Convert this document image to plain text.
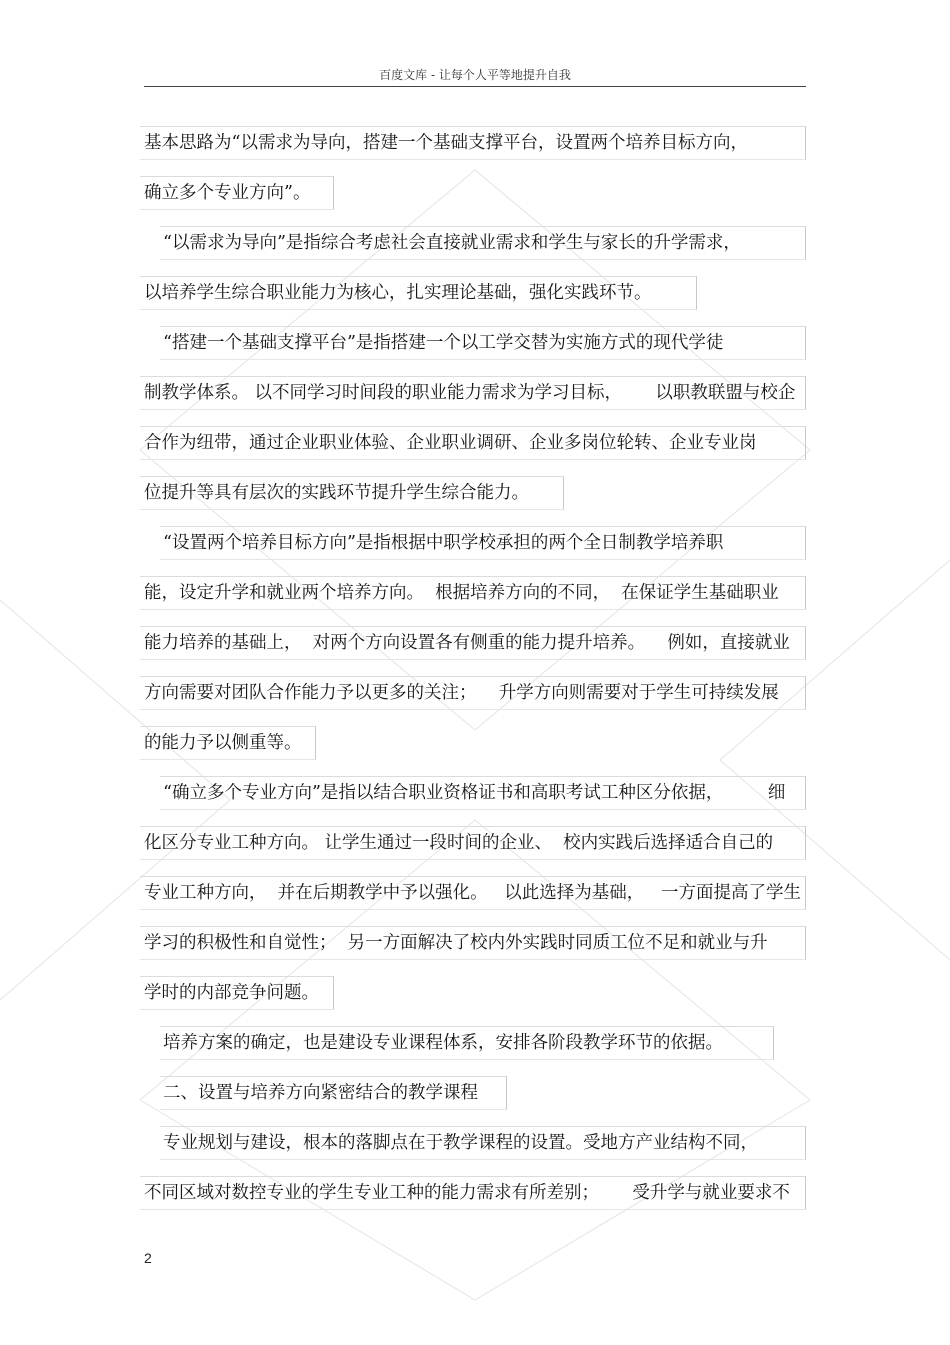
百度文库 - 让每个人平等地提升自我
基本思路为“以需求为导向，搭建一个基础支撑平台，设置两个培养目标方向，
确立多个专业方向”。
“以需求为导向”是指综合考虑社会直接就业需求和学生与家长的升学需求，
以培养学生综合职业能力为核心，扎实理论基础，强化实践环节。
“搭建一个基础支撑平台”是指搭建一个以工学交替为实施方式的现代学徒
制教学体系。 以不同学习时间段的职业能力需求为学习目标，      以职教联盟与校企
合作为纽带，通过企业职业体验、企业职业调研、企业多岗位轮转、企业专业岗
位提升等具有层次的实践环节提升学生综合能力。
“设置两个培养目标方向”是指根据中职学校承担的两个全日制教学培养职
能，设定升学和就业两个培养方向。  根据培养方向的不同，  在保证学生基础职业
能力培养的基础上，  对两个方向设置各有侧重的能力提升培养。    例如，直接就业
方向需要对团队合作能力予以更多的关注；    升学方向则需要对于学生可持续发展
的能力予以侧重等。
“确立多个专业方向”是指以结合职业资格证书和高职考试工种区分依据，        细
化区分专业工种方向。 让学生通过一段时间的企业、  校内实践后选择适合自己的
专业工种方向，  并在后期教学中予以强化。   以此选择为基础，   一方面提高了学生
学习的积极性和自觉性；  另一方面解决了校内外实践时同质工位不足和就业与升
学时的内部竞争问题。
培养方案的确定，也是建设专业课程体系，安排各阶段教学环节的依据。
二、设置与培养方向紧密结合的教学课程
专业规划与建设，根本的落脚点在于教学课程的设置。受地方产业结构不同，
不同区域对数控专业的学生专业工种的能力需求有所差别；      受升学与就业要求不
2
